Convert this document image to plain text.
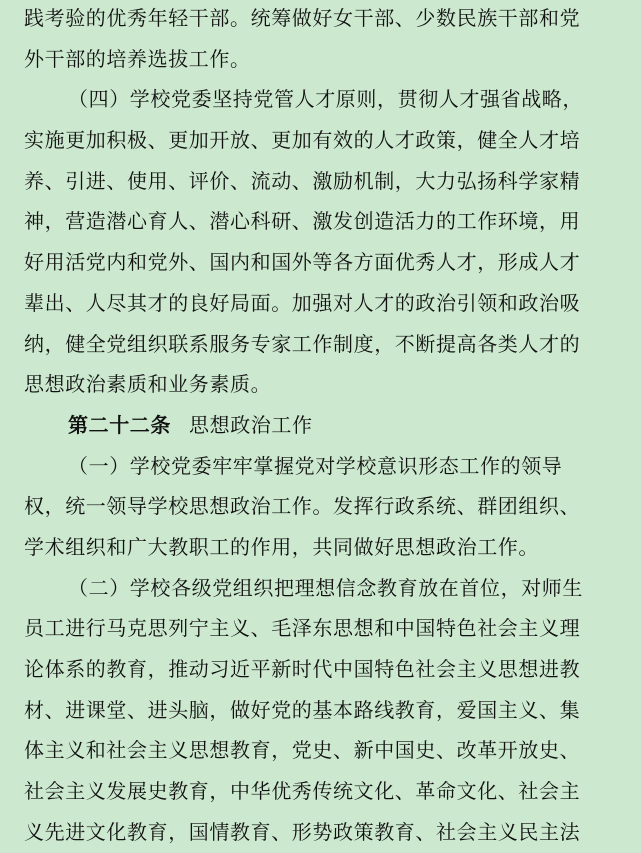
践考验的优秀年轻干部。统筹做好女干部、少数民族干部和党
外干部的培养选拔工作。
（四）学校党委坚持党管人才原则，贯彻人才强省战略，
实施更加积极、更加开放、更加有效的人才政策，健全人才培
养、引进、使用、评价、流动、激励机制，大力弘扬科学家精
神，营造潜心育人、潜心科研、激发创造活力的工作环境，用
好用活党内和党外、国内和国外等各方面优秀人才，形成人才
辈出、人尽其才的良好局面。加强对人才的政治引领和政治吸
纳，健全党组织联系服务专家工作制度，不断提高各类人才的
思想政治素质和业务素质。
第二十二条 思想政治工作
（一）学校党委牢牢掌握党对学校意识形态工作的领导
权，统一领导学校思想政治工作。发挥行政系统、群团组织、
学术组织和广大教职工的作用，共同做好思想政治工作。
（二）学校各级党组织把理想信念教育放在首位，对师生
员工进行马克思列宁主义、毛泽东思想和中国特色社会主义理
论体系的教育，推动习近平新时代中国特色社会主义思想进教
材、进课堂、进头脑，做好党的基本路线教育，爱国主义、集
体主义和社会主义思想教育，党史、新中国史、改革开放史、
社会主义发展史教育，中华优秀传统文化、革命文化、社会主
义先进文化教育，国情教育、形势政策教育、社会主义民主法
